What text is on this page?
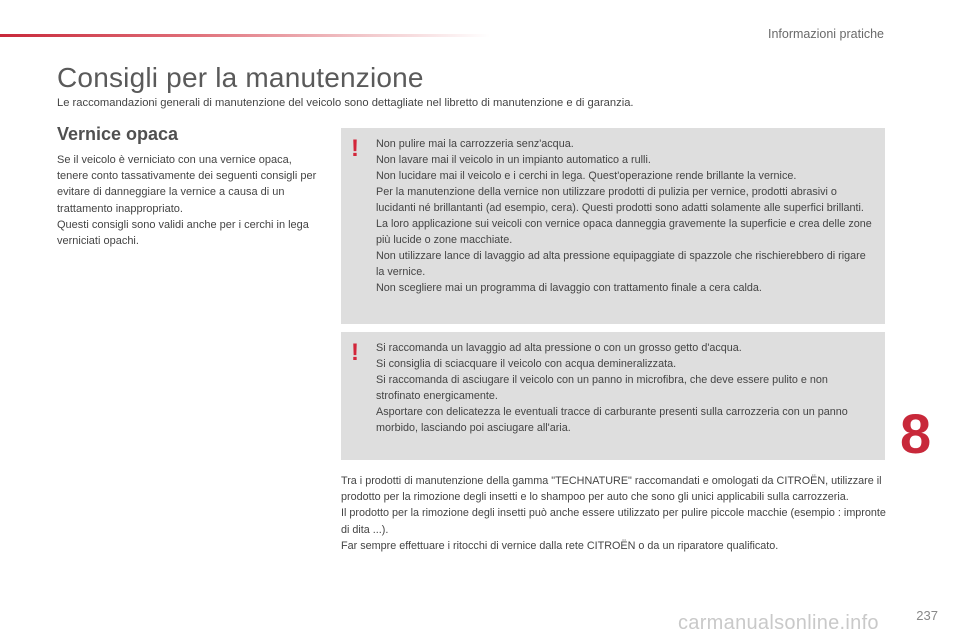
Informazioni pratiche
Consigli per la manutenzione

Le raccomandazioni generali di manutenzione del veicolo sono dettagliate nel libretto di manutenzione e di garanzia.

Vernice opaca

Se il veicolo è verniciato con una vernice opaca, tenere conto tassativamente dei seguenti consigli per evitare di danneggiare la vernice a causa di un trattamento inappropriato.

Questi consigli sono validi anche per i cerchi in lega verniciati opachi.

! Non pulire mai la carrozzeria senz'acqua.

Non lavare mai il veicolo in un impianto automatico a rulli.

Non lucidare mai il veicolo e i cerchi in lega. Quest'operazione rende brillante la vernice.

Per la manutenzione della vernice non utilizzare prodotti di pulizia per vernice, prodotti abrasivi o lucidanti né brillantanti (ad esempio, cera). Questi prodotti sono adatti solamente alle superfici brillanti. La loro applicazione sui veicoli con vernice opaca danneggia gravemente la superficie e crea delle zone più lucide o zone macchiate.

Non utilizzare lance di lavaggio ad alta pressione equipaggiate di spazzole che rischierebbero di rigare la vernice.

Non scegliere mai un programma di lavaggio con trattamento finale a cera calda.

! Si raccomanda un lavaggio ad alta pressione o con un grosso getto d'acqua.

Si consiglia di sciacquare il veicolo con acqua demineralizzata.

Si raccomanda di asciugare il veicolo con un panno in microfibra, che deve essere pulito e non strofinato energicamente.

Asportare con delicatezza le eventuali tracce di carburante presenti sulla carrozzeria con un panno morbido, lasciando poi asciugare all'aria.

Tra i prodotti di manutenzione della gamma "TECHNATURE" raccomandati e omologati da CITROËN, utilizzare il prodotto per la rimozione degli insetti e lo shampoo per auto che sono gli unici applicabili sulla carrozzeria.

Il prodotto per la rimozione degli insetti può anche essere utilizzato per pulire piccole macchie (esempio : impronte di dita ...).

Far sempre effettuare i ritocchi di vernice dalla rete CITROËN o da un riparatore qualificato.

8
carmanualsonline.info	237
